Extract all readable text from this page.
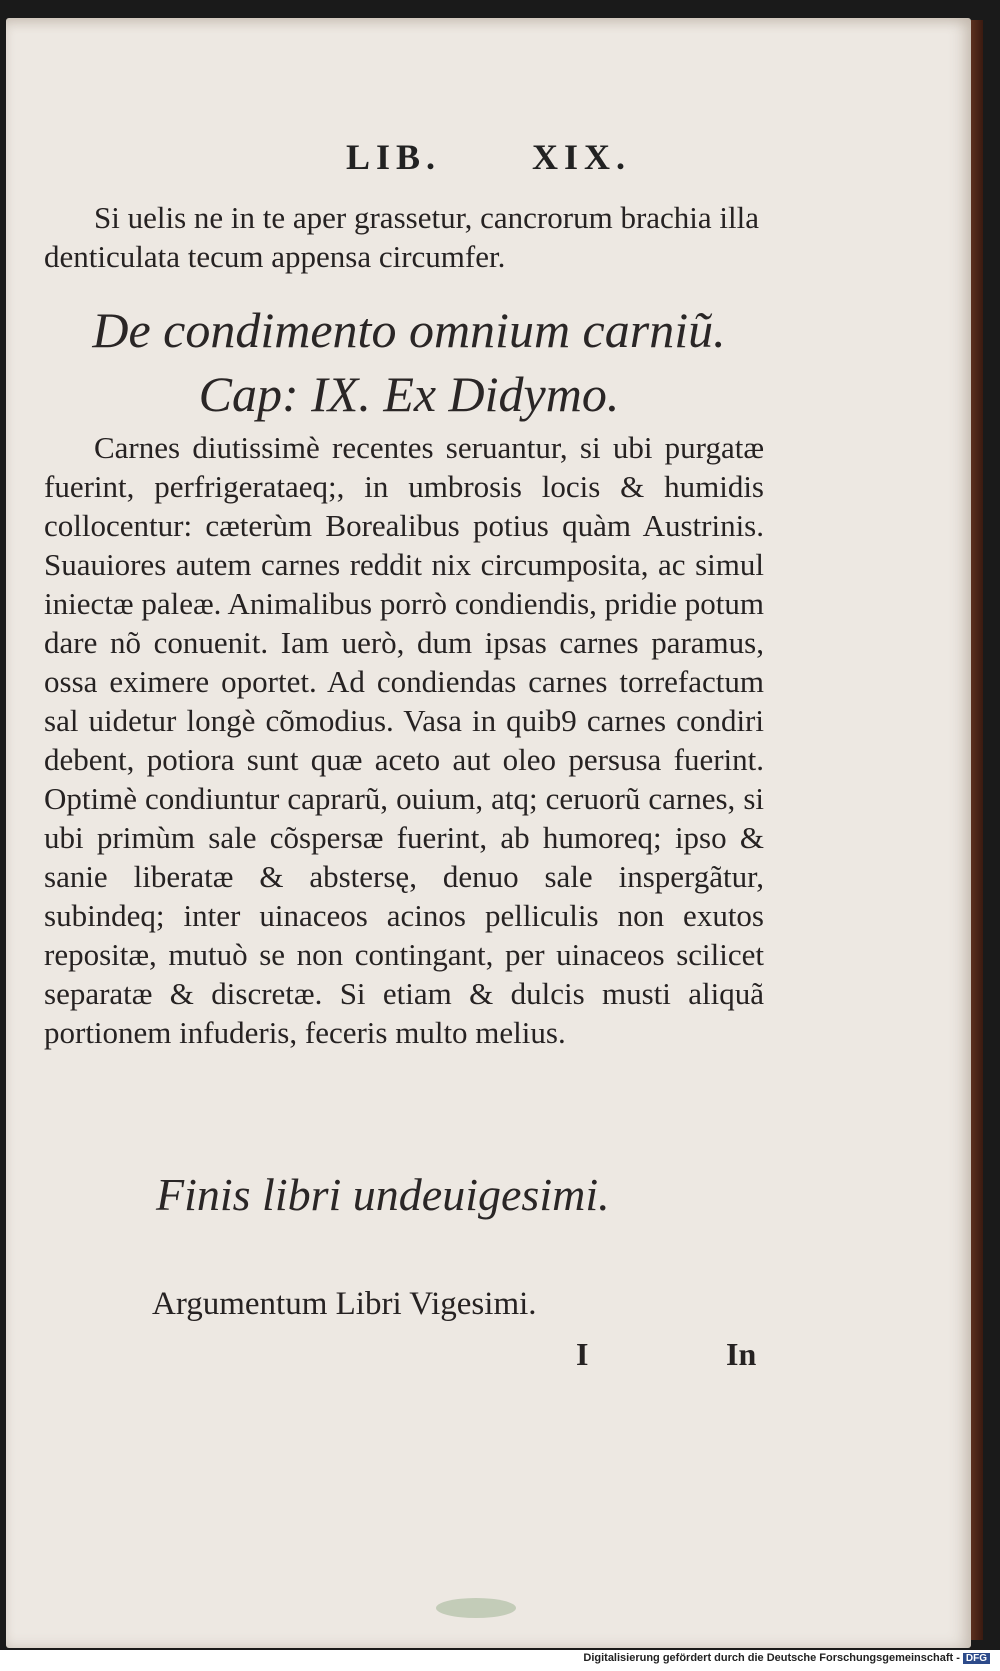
LIB.	XIX.

Si uelis ne in te aper grassetur, cancrorum brachia illa denticulata tecum appensa circumfer.

De condimento omnium carniũ. Cap: IX. Ex Didymo.

Carnes diutissimè recentes seruantur, si ubi purgatæ fuerint, perfrigerataeq;, in umbrosis locis & humidis collocentur: cæterùm Borealibus potius quàm Austrinis. Suauiores autem carnes reddit nix circumposita, ac simul iniectæ paleæ. Animalibus porrò condiendis, pridie potum dare nõ conuenit. Iam uerò, dum ipsas carnes paramus, ossa eximere oportet. Ad condiendas carnes torrefactum sal uidetur longè cõmodius. Vasa in quib9 carnes condiri debent, potiora sunt quæ aceto aut oleo persusa fuerint. Optimè condiuntur caprarũ, ouium, atq; ceruorũ carnes, si ubi primùm sale cõspersæ fuerint, ab humoreq; ipso & sanie liberatæ & abstersę, denuo sale inspergãtur, subindeq; inter uinaceos acinos pelliculis non exutos repositæ, mutuò se non contingant, per uinaceos scilicet separatæ & discretæ. Si etiam & dulcis musti aliquã portionem infuderis, feceris multo melius.

Finis libri undeuigesimi.
Argumentum Libri Vigesimi.
I	In
Digitalisierung gefördert durch die Deutsche Forschungsgemeinschaft - DFG
